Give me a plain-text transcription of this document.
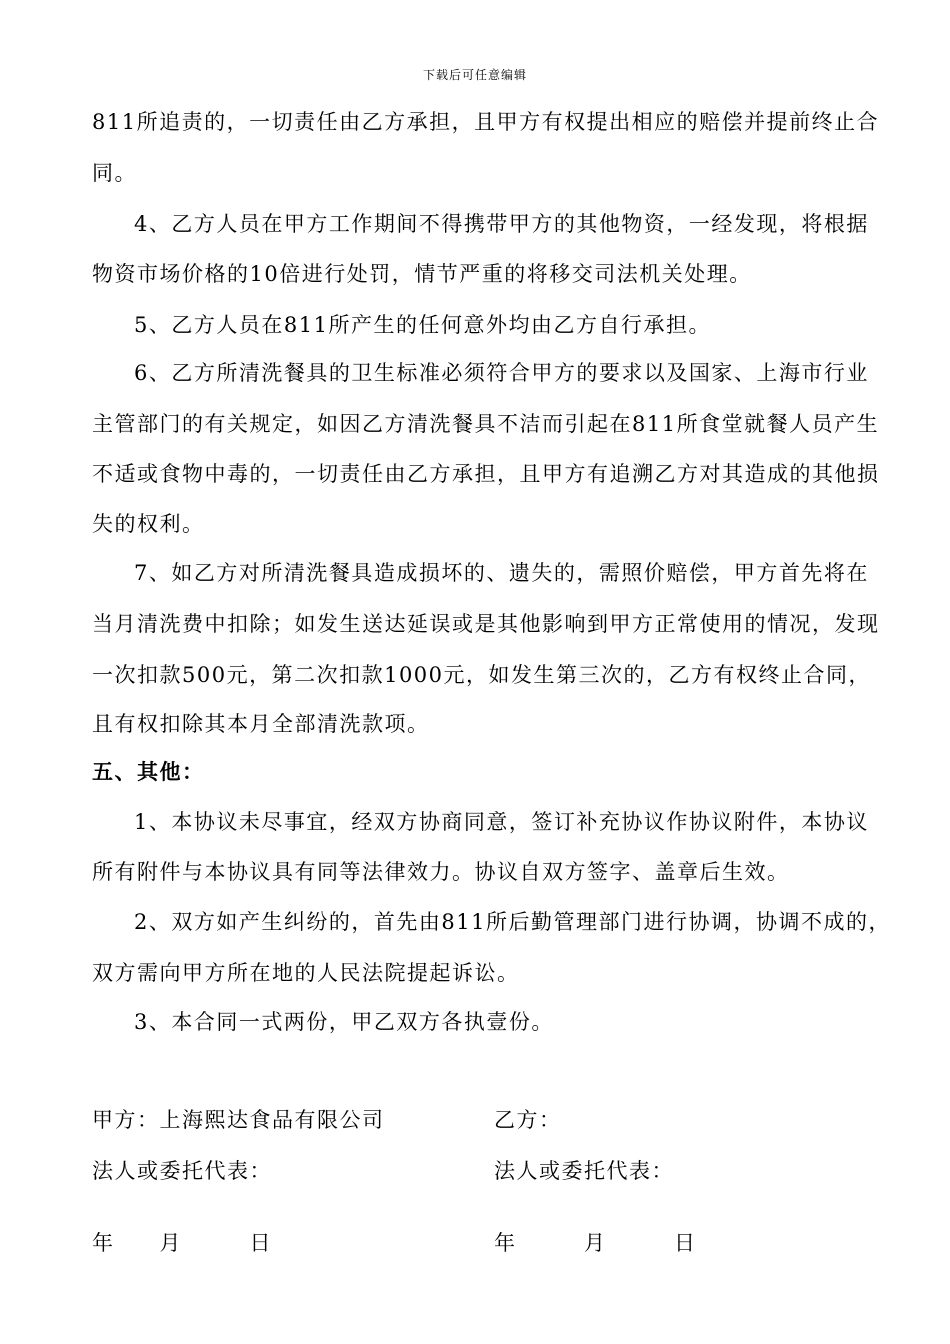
下载后可任意编辑
811所追责的，一切责任由乙方承担，且甲方有权提出相应的赔偿并提前终止合
同。
4、乙方人员在甲方工作期间不得携带甲方的其他物资，一经发现，将根据
物资市场价格的10倍进行处罚，情节严重的将移交司法机关处理。
5、乙方人员在811所产生的任何意外均由乙方自行承担。
6、乙方所清洗餐具的卫生标准必须符合甲方的要求以及国家、上海市行业
主管部门的有关规定，如因乙方清洗餐具不洁而引起在811所食堂就餐人员产生
不适或食物中毒的，一切责任由乙方承担，且甲方有追溯乙方对其造成的其他损
失的权利。
7、如乙方对所清洗餐具造成损坏的、遗失的，需照价赔偿，甲方首先将在
当月清洗费中扣除；如发生送达延误或是其他影响到甲方正常使用的情况，发现
一次扣款500元，第二次扣款1000元，如发生第三次的，乙方有权终止合同，
且有权扣除其本月全部清洗款项。
五、其他：
1、本协议未尽事宜，经双方协商同意，签订补充协议作协议附件，本协议
所有附件与本协议具有同等法律效力。协议自双方签字、盖章后生效。
2、双方如产生纠纷的，首先由811所后勤管理部门进行协调，协调不成的，
双方需向甲方所在地的人民法院提起诉讼。
3、本合同一式两份，甲乙双方各执壹份。
甲方：上海熙达食品有限公司	乙方：
法人或委托代表：	法人或委托代表：
年　　月　　　日	年　　　月　　　日
